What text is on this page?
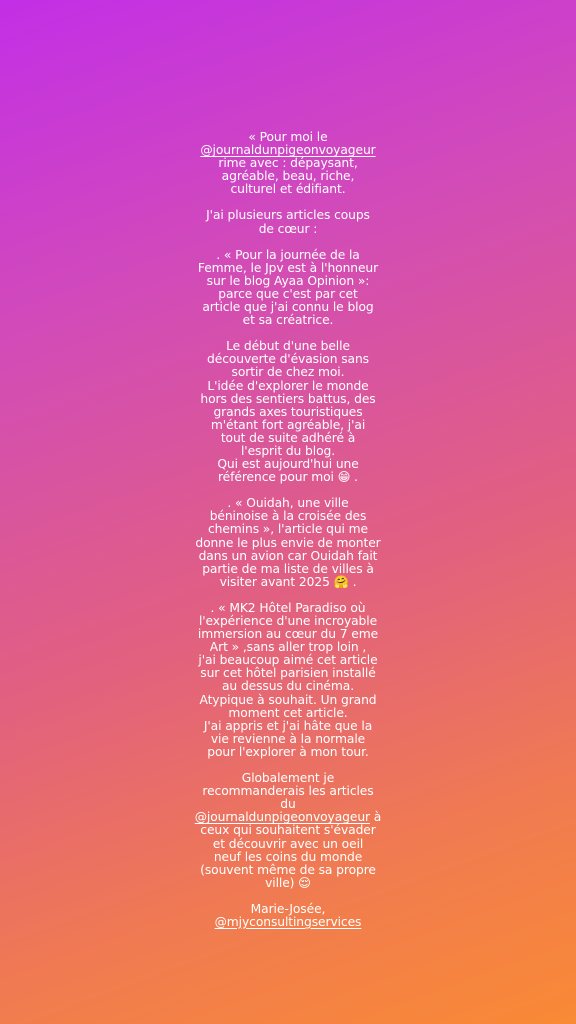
« Pour moi le
@journaldunpigeonvoyageur
rime avec : dépaysant,
agréable, beau, riche,
culturel et édifiant.
J'ai plusieurs articles coups
de cœur :
. « Pour la journée de la
Femme, le Jpv est à l'honneur
sur le blog Ayaa Opinion »:
parce que c'est par cet
article que j'ai connu le blog
et sa créatrice.
Le début d'une belle
découverte d'évasion sans
sortir de chez moi.
L'idée d'explorer le monde
hors des sentiers battus, des
grands axes touristiques
m'étant fort agréable, j'ai
tout de suite adhéré à
l'esprit du blog.
Qui est aujourd'hui une
référence pour moi 😁 .
. « Ouidah, une ville
béninoise à la croisée des
chemins », l'article qui me
donne le plus envie de monter
dans un avion car Ouidah fait
partie de ma liste de villes à
visiter avant 2025 🤗 .
. « MK2 Hôtel Paradiso où
l'expérience d'une incroyable
immersion au cœur du 7 eme
Art » ,sans aller trop loin ,
j'ai beaucoup aimé cet article
sur cet hôtel parisien installé
au dessus du cinéma.
Atypique à souhait. Un grand
moment cet article.
J'ai appris et j'ai hâte que la
vie revienne à la normale
pour l'explorer à mon tour.
Globalement je
recommanderais les articles
du
@journaldunpigeonvoyageur à
ceux qui souhaitent s'évader
et découvrir avec un oeil
neuf les coins du monde
(souvent même de sa propre
ville) 😌
Marie-Josée,
@mjyconsultingservices
